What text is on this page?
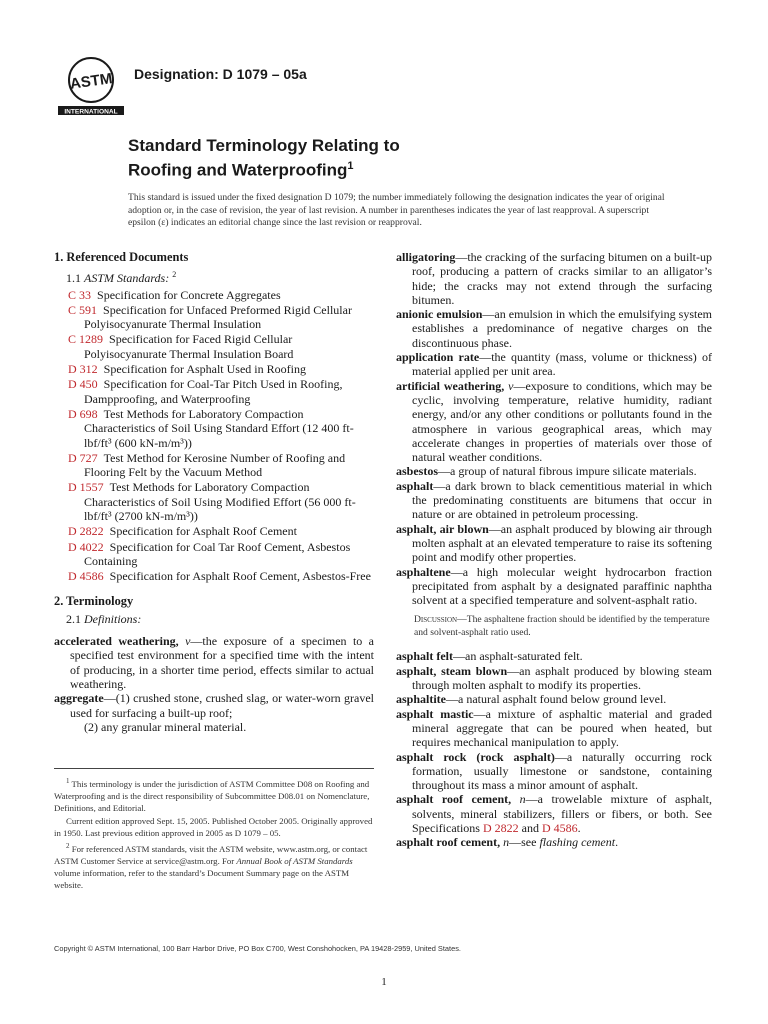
ASTM
INTERNATIONAL
Designation: D 1079 – 05a
Standard Terminology Relating to
Roofing and Waterproofing$^1$
This standard is issued under the fixed designation D 1079; the number immediately following the designation indicates the year of original adoption or, in the case of revision, the year of last revision. A number in parentheses indicates the year of last reapproval. A superscript epsilon (ε) indicates an editorial change since the last revision or reapproval.
1. Referenced Documents
1.1 ASTM Standards: $^2$
C 33  Specification for Concrete Aggregates
C 591  Specification for Unfaced Preformed Rigid Cellular Polyisocyanurate Thermal Insulation
C 1289  Specification for Faced Rigid Cellular Polyisocyanurate Thermal Insulation Board
D 312  Specification for Asphalt Used in Roofing
D 450  Specification for Coal-Tar Pitch Used in Roofing, Dampproofing, and Waterproofing
D 698  Test Methods for Laboratory Compaction Characteristics of Soil Using Standard Effort (12 400 ft-lbf/ft³ (600 kN-m/m³))
D 727  Test Method for Kerosine Number of Roofing and Flooring Felt by the Vacuum Method
D 1557  Test Methods for Laboratory Compaction Characteristics of Soil Using Modified Effort (56 000 ft-lbf/ft³ (2700 kN-m/m³))
D 2822  Specification for Asphalt Roof Cement
D 4022  Specification for Coal Tar Roof Cement, Asbestos Containing
D 4586  Specification for Asphalt Roof Cement, Asbestos-Free
2. Terminology
2.1 Definitions:
accelerated weathering, v—the exposure of a specimen to a specified test environment for a specified time with the intent of producing, in a shorter time period, effects similar to actual weathering.
aggregate—(1) crushed stone, crushed slag, or water-worn gravel used for surfacing a built-up roof;
(2) any granular mineral material.
alligatoring—the cracking of the surfacing bitumen on a built-up roof, producing a pattern of cracks similar to an alligator’s hide; the cracks may not extend through the surfacing bitumen.
anionic emulsion—an emulsion in which the emulsifying system establishes a predominance of negative charges on the discontinuous phase.
application rate—the quantity (mass, volume or thickness) of material applied per unit area.
artificial weathering, v—exposure to conditions, which may be cyclic, involving temperature, relative humidity, radiant energy, and/or any other conditions or pollutants found in the atmosphere in various geographical areas, which may accelerate changes in properties of materials over those of natural weather conditions.
asbestos—a group of natural fibrous impure silicate materials.
asphalt—a dark brown to black cementitious material in which the predominating constituents are bitumens that occur in nature or are obtained in petroleum processing.
asphalt, air blown—an asphalt produced by blowing air through molten asphalt at an elevated temperature to raise its softening point and modify other properties.
asphaltene—a high molecular weight hydrocarbon fraction precipitated from asphalt by a designated paraffinic naphtha solvent at a specified temperature and solvent-asphalt ratio.
Discussion—The asphaltene fraction should be identified by the temperature and solvent-asphalt ratio used.
asphalt felt—an asphalt-saturated felt.
asphalt, steam blown—an asphalt produced by blowing steam through molten asphalt to modify its properties.
asphaltite—a natural asphalt found below ground level.
asphalt mastic—a mixture of asphaltic material and graded mineral aggregate that can be poured when heated, but requires mechanical manipulation to apply.
asphalt rock (rock asphalt)—a naturally occurring rock formation, usually limestone or sandstone, containing throughout its mass a minor amount of asphalt.
asphalt roof cement, n—a trowelable mixture of asphalt, solvents, mineral stabilizers, fillers or fibers, or both. See Specifications D 2822 and D 4586.
asphalt roof cement, n—see flashing cement.

$^1$ This terminology is under the jurisdiction of ASTM Committee D08 on Roofing and Waterproofing and is the direct responsibility of Subcommittee D08.01 on Nomenclature, Definitions, and Editorial.

Current edition approved Sept. 15, 2005. Published October 2005. Originally approved in 1950. Last previous edition approved in 2005 as D 1079 – 05.

$^2$ For referenced ASTM standards, visit the ASTM website, www.astm.org, or contact ASTM Customer Service at service@astm.org. For Annual Book of ASTM Standards volume information, refer to the standard’s Document Summary page on the ASTM website.

Copyright © ASTM International, 100 Barr Harbor Drive, PO Box C700, West Conshohocken, PA 19428-2959, United States.
1
